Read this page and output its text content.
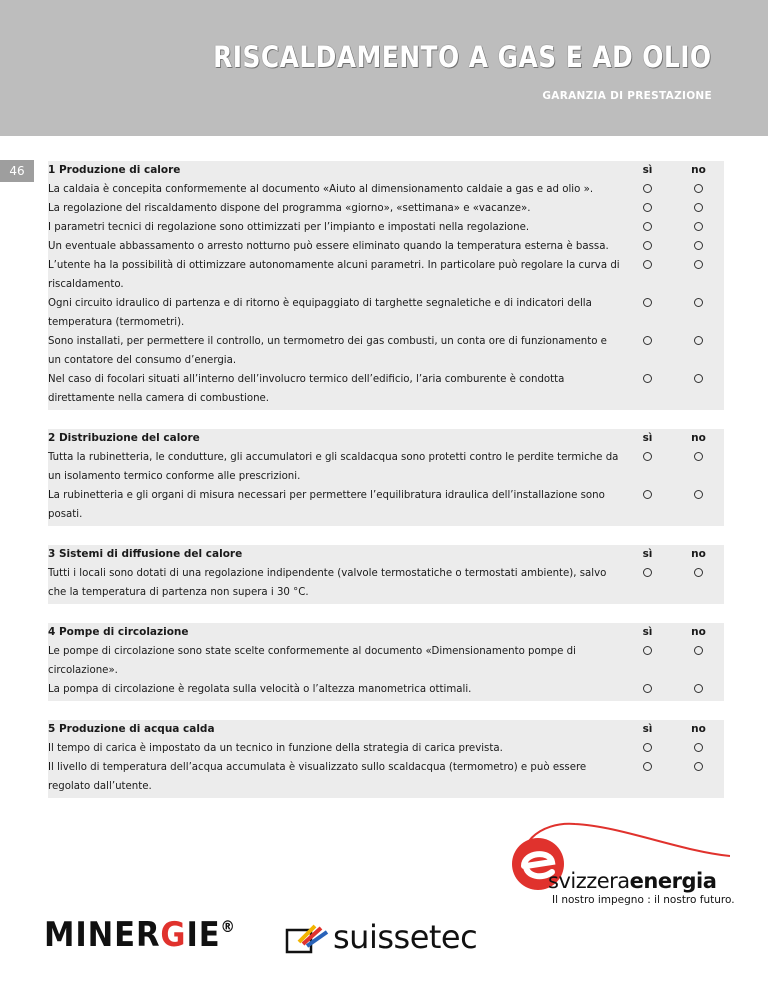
RISCALDAMENTO A GAS E AD OLIO
GARANZIA DI PRESTAZIONE
46	1 Produzione di calore	sì	no
La caldaia è concepita conformemente al documento «Aiuto al dimensionamento caldaie a gas e ad olio ».
La regolazione del riscaldamento dispone del programma «giorno», «settimana» e «vacanze».
I parametri tecnici di regolazione sono ottimizzati per l’impianto e impostati nella regolazione.
Un eventuale abbassamento o arresto notturno può essere eliminato quando la temperatura esterna è bassa.
L’utente ha la possibilità di ottimizzare autonomamente alcuni parametri. In particolare può regolare la curva di riscaldamento.
Ogni circuito idraulico di partenza e di ritorno è equipaggiato di targhette segnaletiche e di indicatori della temperatura (termometri).
Sono installati, per permettere il controllo, un termometro dei gas combusti, un conta ore di funzionamento e un contatore del consumo d’energia.
Nel caso di focolari situati all’interno dell’involucro termico dell’edificio, l’aria comburente è condotta direttamente nella camera di combustione.
2 Distribuzione del calore	sì	no
Tutta la rubinetteria, le condutture, gli accumulatori e gli scaldacqua sono protetti contro le perdite termiche da un isolamento termico conforme alle prescrizioni.
La rubinetteria e gli organi di misura necessari per permettere l’equilibratura idraulica dell’installazione sono posati.
3 Sistemi di diffusione del calore	sì	no
Tutti i locali sono dotati di una regolazione indipendente (valvole termostatiche o termostati ambiente), salvo che la temperatura di partenza non supera i 30 °C.
4 Pompe di circolazione	sì	no
Le pompe di circolazione sono state scelte conformemente al documento «Dimensionamento pompe di circolazione».
La pompa di circolazione è regolata sulla velocità o l’altezza manometrica ottimali.
5 Produzione di acqua calda	sì	no
Il tempo di carica è impostato da un tecnico in funzione della strategia di carica prevista.
Il livello di temperatura dell’acqua accumulata è visualizzato sullo scaldacqua (termometro) e può essere regolato dall’utente.
svizzeraenergia
Il nostro impegno : il nostro futuro.
MINERGIE®	suissetec
